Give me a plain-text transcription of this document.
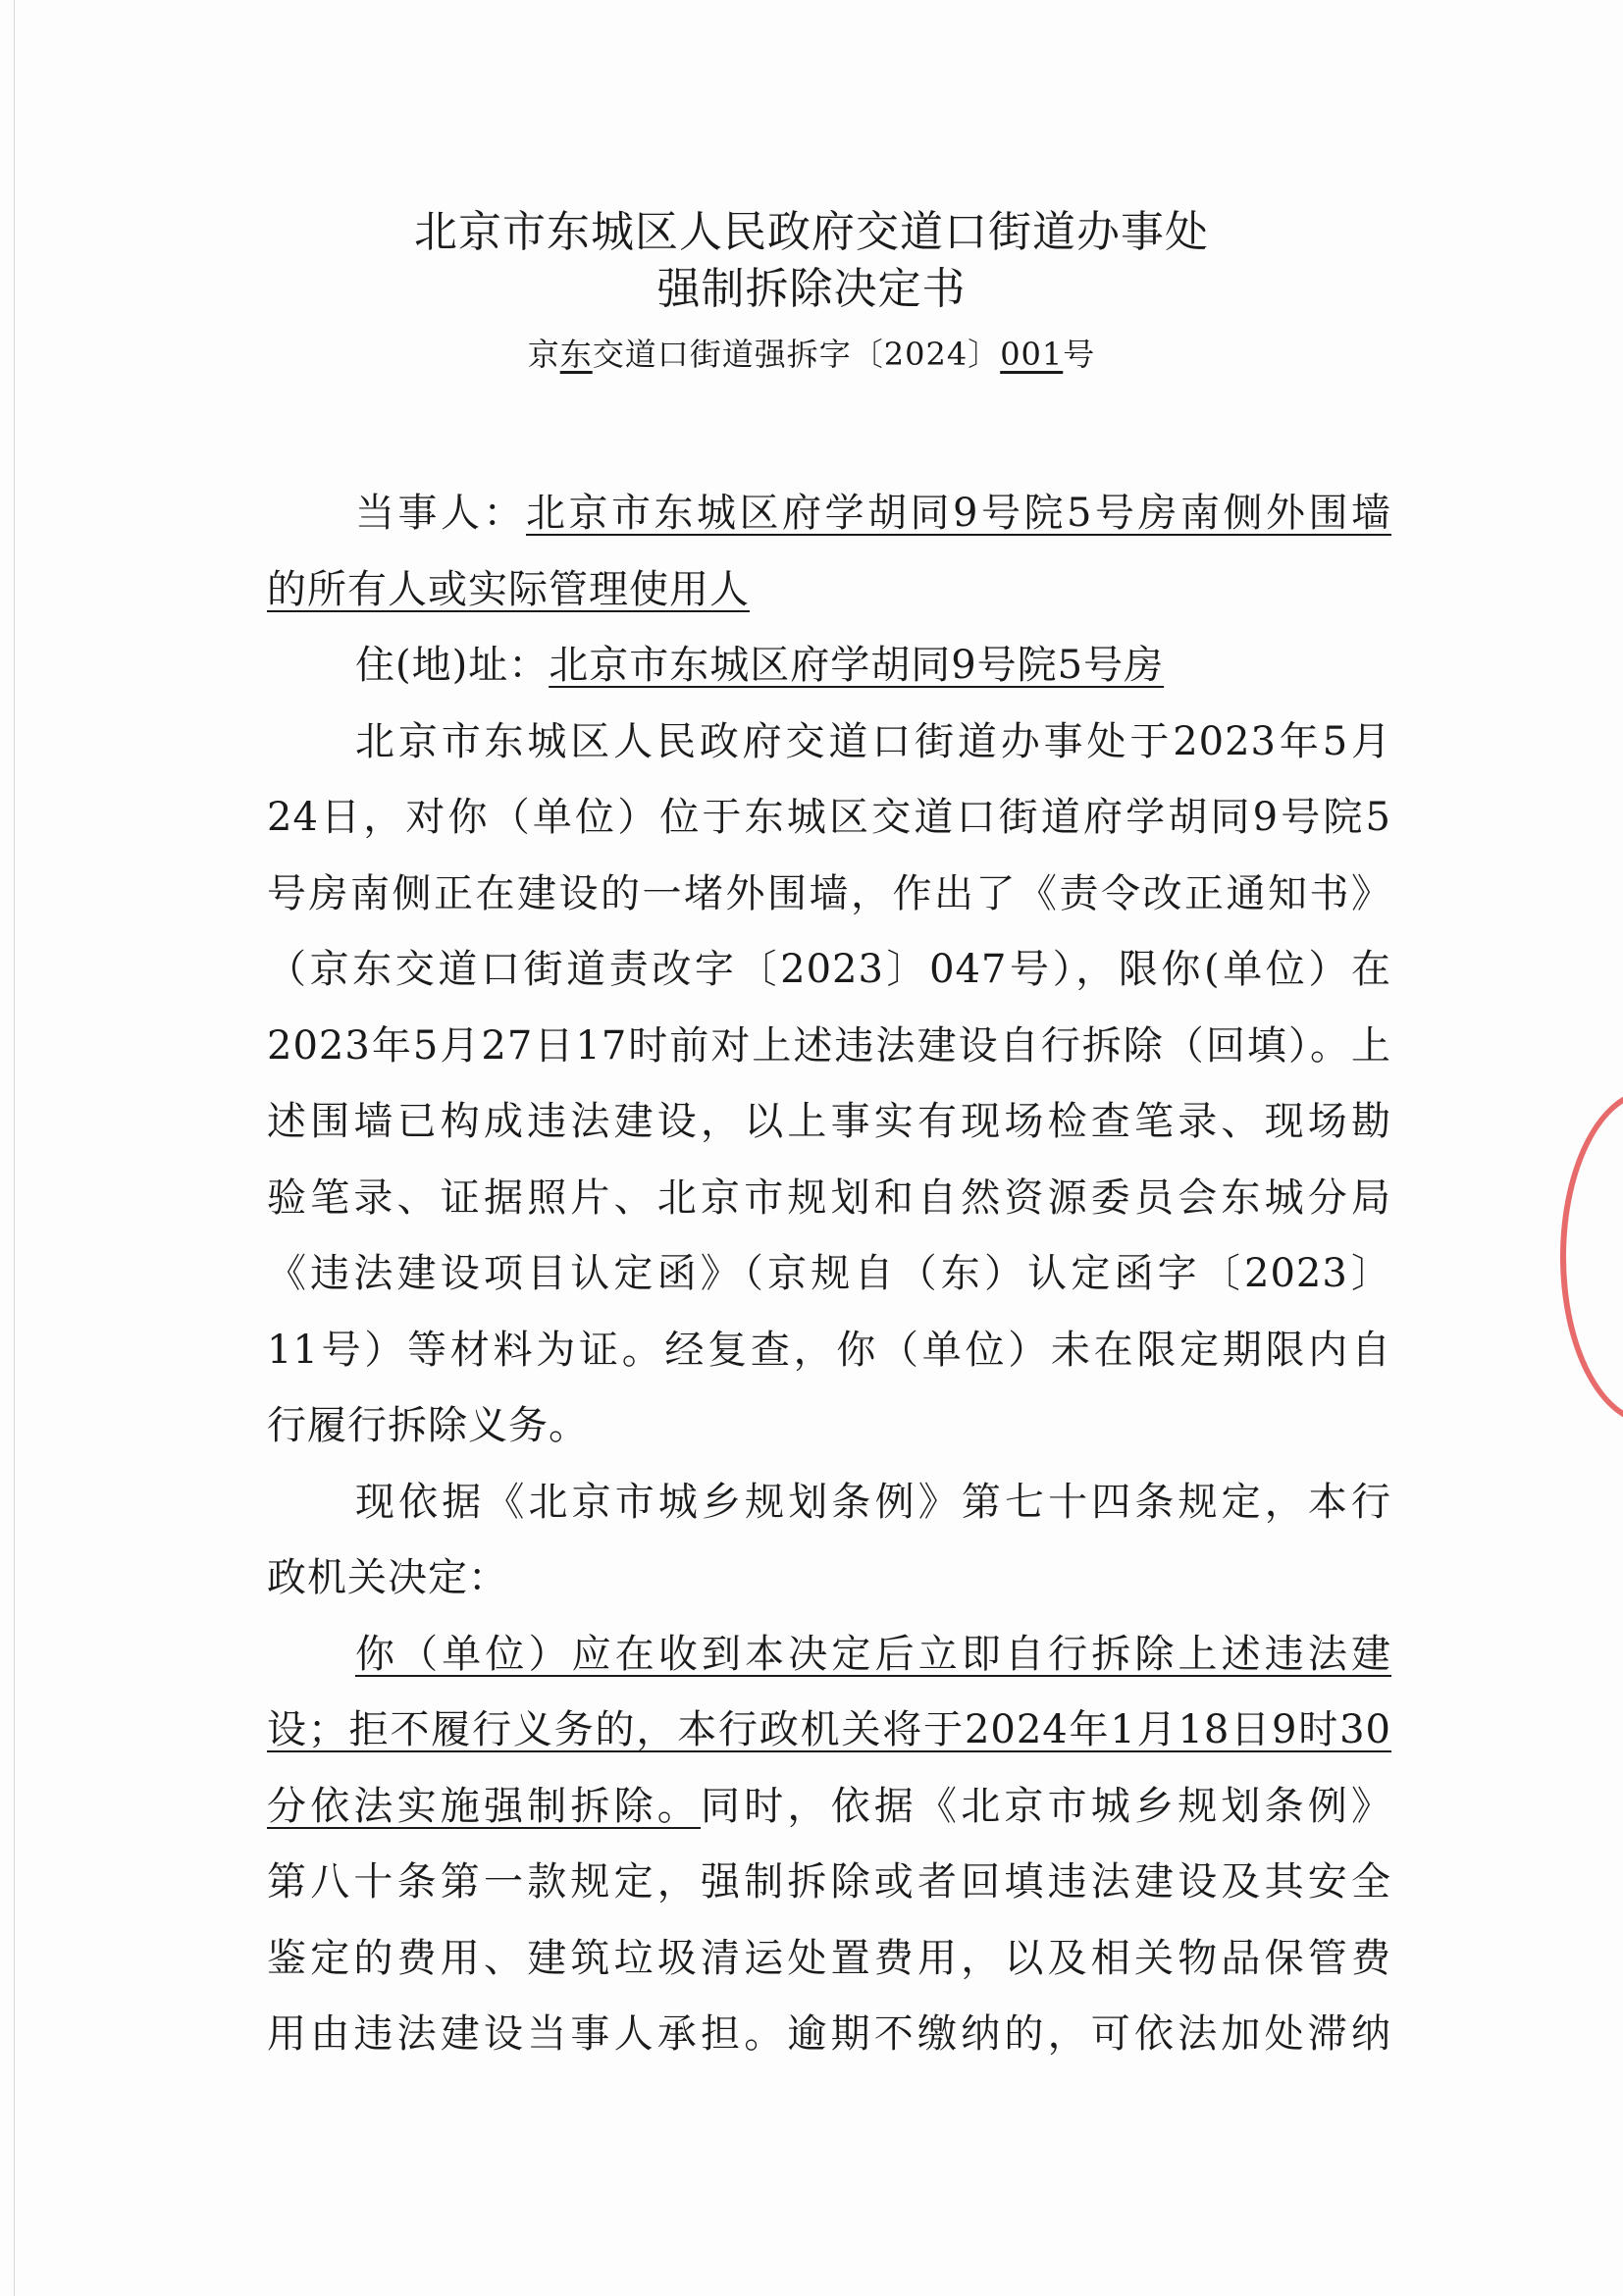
北京市东城区人民政府交道口街道办事处
强制拆除决定书
京东交道口街道强拆字〔2024〕001号
当事人：北京市东城区府学胡同9号院5号房南侧外围墙
的所有人或实际管理使用人
住(地)址：北京市东城区府学胡同9号院5号房
北京市东城区人民政府交道口街道办事处于2023年5月
24日，对你（单位）位于东城区交道口街道府学胡同9号院5
号房南侧正在建设的一堵外围墙，作出了《责令改正通知书》
（京东交道口街道责改字〔2023〕047号），限你(单位）在
2023年5月27日17时前对上述违法建设自行拆除（回填）。上
述围墙已构成违法建设，以上事实有现场检查笔录、现场勘
验笔录、证据照片、北京市规划和自然资源委员会东城分局
《违法建设项目认定函》（京规自（东）认定函字〔2023〕
11号）等材料为证。经复查，你（单位）未在限定期限内自
行履行拆除义务。
现依据《北京市城乡规划条例》第七十四条规定，本行
政机关决定：
你（单位）应在收到本决定后立即自行拆除上述违法建
设；拒不履行义务的，本行政机关将于2024年1月18日9时30
分依法实施强制拆除。同时，依据《北京市城乡规划条例》
第八十条第一款规定，强制拆除或者回填违法建设及其安全
鉴定的费用、建筑垃圾清运处置费用，以及相关物品保管费
用由违法建设当事人承担。逾期不缴纳的，可依法加处滞纳
